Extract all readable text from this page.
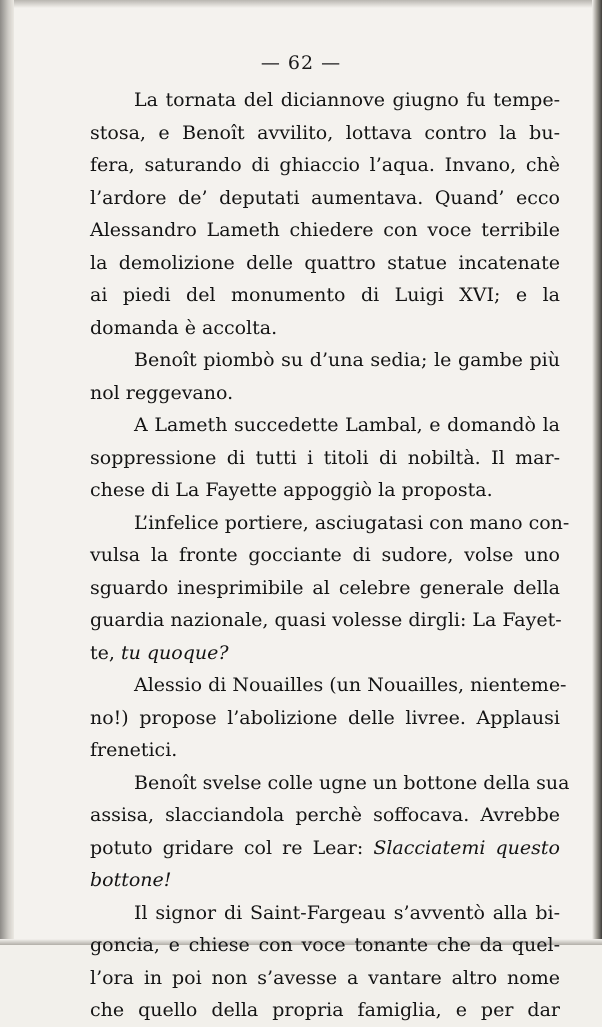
— 62 —
La tornata del diciannove giugno fu tempe-
stosa, e Benoît avvilito, lottava contro la bu-
fera, saturando di ghiaccio l’aqua. Invano, chè
l’ardore de’ deputati aumentava. Quand’ ecco
Alessandro Lameth chiedere con voce terribile
la demolizione delle quattro statue incatenate
ai piedi del monumento di Luigi XVI; e la
domanda è accolta.
Benoît piombò su d’una sedia; le gambe più
nol reggevano.
A Lameth succedette Lambal, e domandò la
soppressione di tutti i titoli di nobiltà. Il mar-
chese di La Fayette appoggiò la proposta.
L’infelice portiere, asciugatasi con mano con-
vulsa la fronte gocciante di sudore, volse uno
sguardo inesprimibile al celebre generale della
guardia nazionale, quasi volesse dirgli: La Fayet-
te, tu quoque?
Alessio di Nouailles (un Nouailles, nienteme-
no!) propose l’abolizione delle livree. Applausi
frenetici.
Benoît svelse colle ugne un bottone della sua
assisa, slacciandola perchè soffocava. Avrebbe
potuto gridare col re Lear: Slacciatemi questo
bottone!
Il signor di Saint-Fargeau s’avventò alla bi-
goncia, e chiese con voce tonante che da quel-
l’ora in poi non s’avesse a vantare altro nome
che quello della propria famiglia, e per dar
